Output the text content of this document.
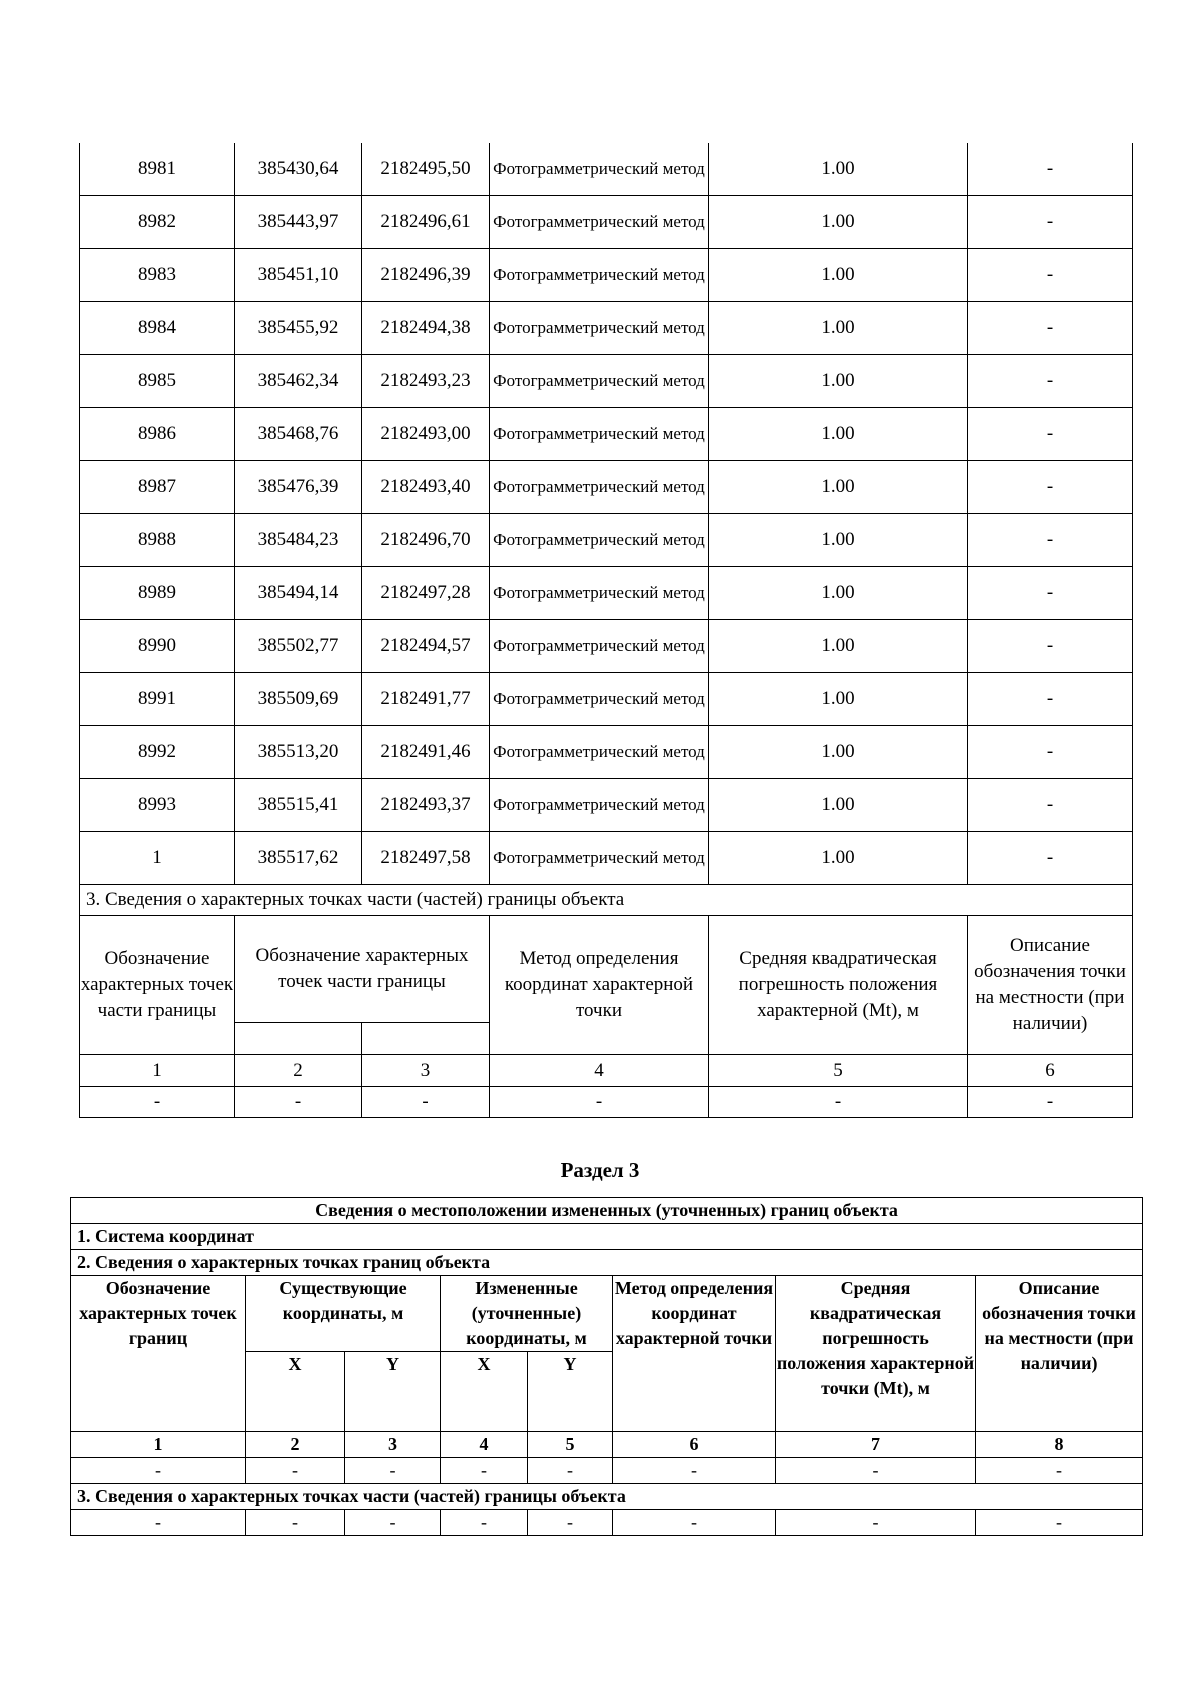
8981	385430,64	2182495,50	Фотограмметрический метод	1.00	-
8982	385443,97	2182496,61	Фотограмметрический метод	1.00	-
8983	385451,10	2182496,39	Фотограмметрический метод	1.00	-
8984	385455,92	2182494,38	Фотограмметрический метод	1.00	-
8985	385462,34	2182493,23	Фотограмметрический метод	1.00	-
8986	385468,76	2182493,00	Фотограмметрический метод	1.00	-
8987	385476,39	2182493,40	Фотограмметрический метод	1.00	-
8988	385484,23	2182496,70	Фотограмметрический метод	1.00	-
8989	385494,14	2182497,28	Фотограмметрический метод	1.00	-
8990	385502,77	2182494,57	Фотограмметрический метод	1.00	-
8991	385509,69	2182491,77	Фотограмметрический метод	1.00	-
8992	385513,20	2182491,46	Фотограмметрический метод	1.00	-
8993	385515,41	2182493,37	Фотограмметрический метод	1.00	-
1	385517,62	2182497,58	Фотограмметрический метод	1.00	-
3. Сведения о характерных точках части (частей) границы объекта					
Обозначение характерных точек части границы	Обозначение характерных точек части границы		Метод определения координат характерной точки	Средняя квадратическая погрешность положения характерной (Mt), м	Описание обозначения точки на местности (при наличии)

1	2	3	4	5	6
-	-	-	-	-	-
Раздел 3
Сведения о местоположении измененных (уточненных) границ объекта							
1. Система координат							
2. Сведения о характерных точках границ объекта							
Обозначение характерных точек границ	Существующие координаты, м		Измененные (уточненные) координаты, м		Метод определения координат характерной точки	Средняя квадратическая погрешность положения характерной точки (Mt), м	Описание обозначения точки на местности (при наличии)
	X	Y	X	Y			
1	2	3	4	5	6	7	8
-	-	-	-	-	-	-	-
3. Сведения о характерных точках части (частей) границы объекта							
-	-	-	-	-	-	-	-
